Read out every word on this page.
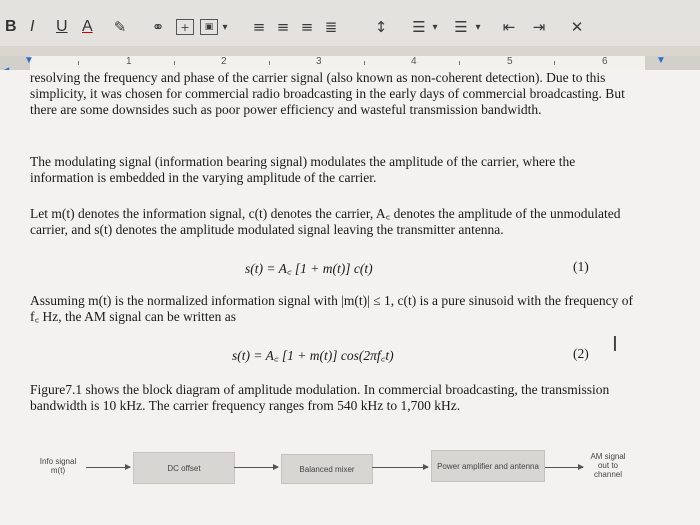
B I U A ✎ ⚭	+	▣ ▾ ≡ ≡ ≡ ≣ ↕ ☰ ▾ ☰ ▾ ⇤ ⇥ ✕
▼	▼
1	2	3	4	5	6

resolving the frequency and phase of the carrier signal (also known as non-coherent detection). Due to this simplicity, it was chosen for commercial radio broadcasting in the early days of commercial broadcasting. But there are some downsides such as poor power efficiency and wasteful transmission bandwidth.

The modulating signal (information bearing signal) modulates the amplitude of the carrier, where the information is embedded in the varying amplitude of the carrier.

Let m(t) denotes the information signal, c(t) denotes the carrier, A꜀ denotes the amplitude of the unmodulated carrier, and s(t) denotes the amplitude modulated signal leaving the transmitter antenna.

s(t) = A꜀ [1 + m(t)] c(t)	(1)

Assuming m(t) is the normalized information signal with |m(t)| ≤ 1, c(t) is a pure sinusoid with the frequency of f꜀ Hz, the AM signal can be written as

s(t) = A꜀ [1 + m(t)] cos(2πf꜀t)	(2) I

Figure7.1 shows the block diagram of amplitude modulation. In commercial broadcasting, the transmission bandwidth is 10 kHz. The carrier frequency ranges from 540 kHz to 1,700 kHz.

Info signal m(t)	DC offset	Balanced mixer	Power amplifier and antenna
AM signal out to channel
